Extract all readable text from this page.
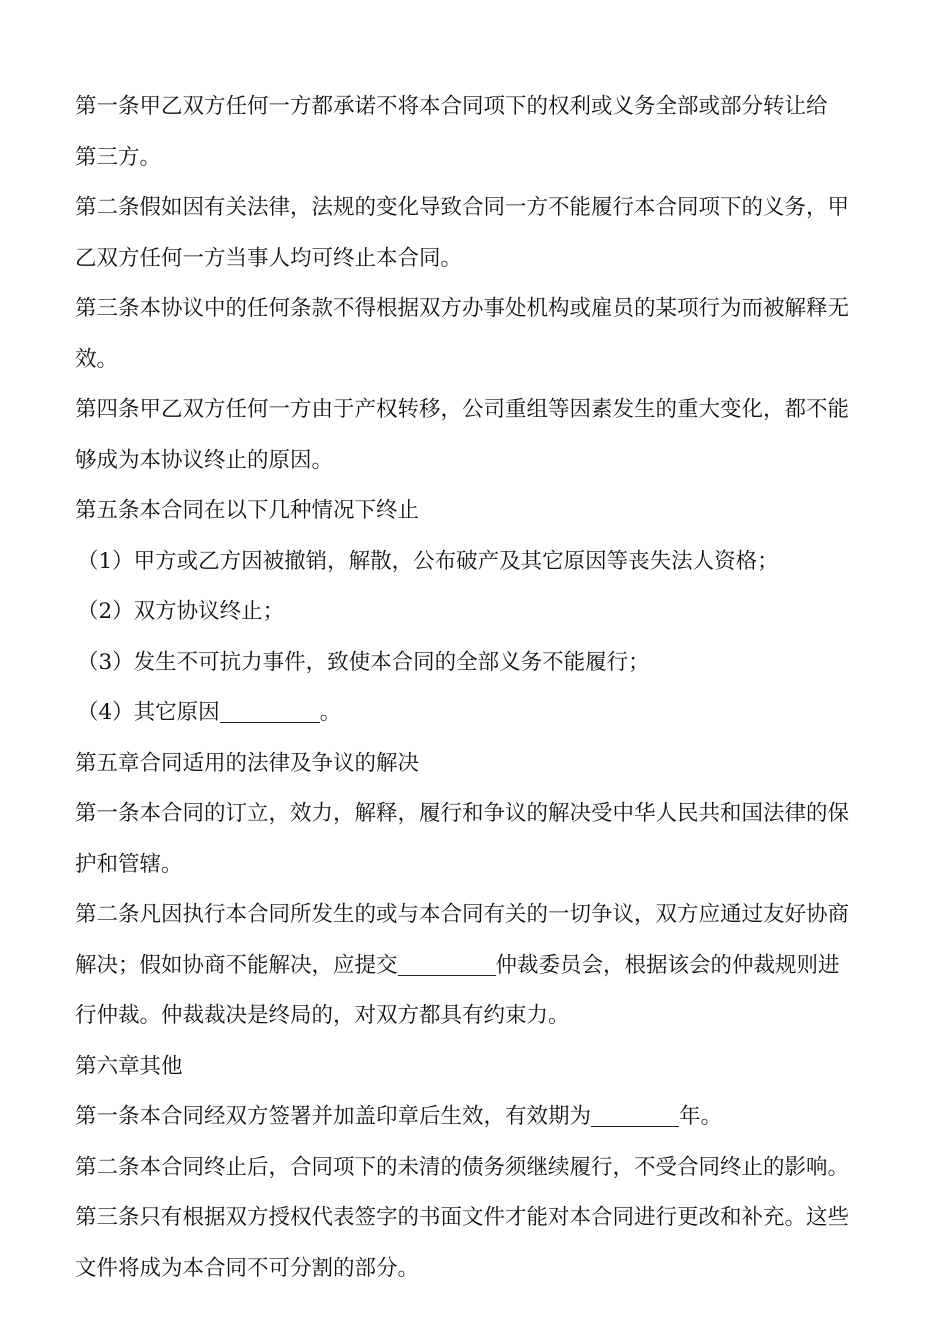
第一条甲乙双方任何一方都承诺不将本合同项下的权利或义务全部或部分转让给
第三方。
第二条假如因有关法律，法规的变化导致合同一方不能履行本合同项下的义务，甲
乙双方任何一方当事人均可终止本合同。
第三条本协议中的任何条款不得根据双方办事处机构或雇员的某项行为而被解释无
效。
第四条甲乙双方任何一方由于产权转移，公司重组等因素发生的重大变化，都不能
够成为本协议终止的原因。
第五条本合同在以下几种情况下终止
（1）甲方或乙方因被撤销，解散，公布破产及其它原因等丧失法人资格；
（2）双方协议终止；
（3）发生不可抗力事件，致使本合同的全部义务不能履行；
（4）其它原因	。
第五章合同适用的法律及争议的解决
第一条本合同的订立，效力，解释，履行和争议的解决受中华人民共和国法律的保
护和管辖。
第二条凡因执行本合同所发生的或与本合同有关的一切争议，双方应通过友好协商
解决；假如协商不能解决，应提交	仲裁委员会，根据该会的仲裁规则进
行仲裁。仲裁裁决是终局的，对双方都具有约束力。
第六章其他
第一条本合同经双方签署并加盖印章后生效，有效期为	年。
第二条本合同终止后，合同项下的未清的债务须继续履行，不受合同终止的影响。
第三条只有根据双方授权代表签字的书面文件才能对本合同进行更改和补充。这些
文件将成为本合同不可分割的部分。
